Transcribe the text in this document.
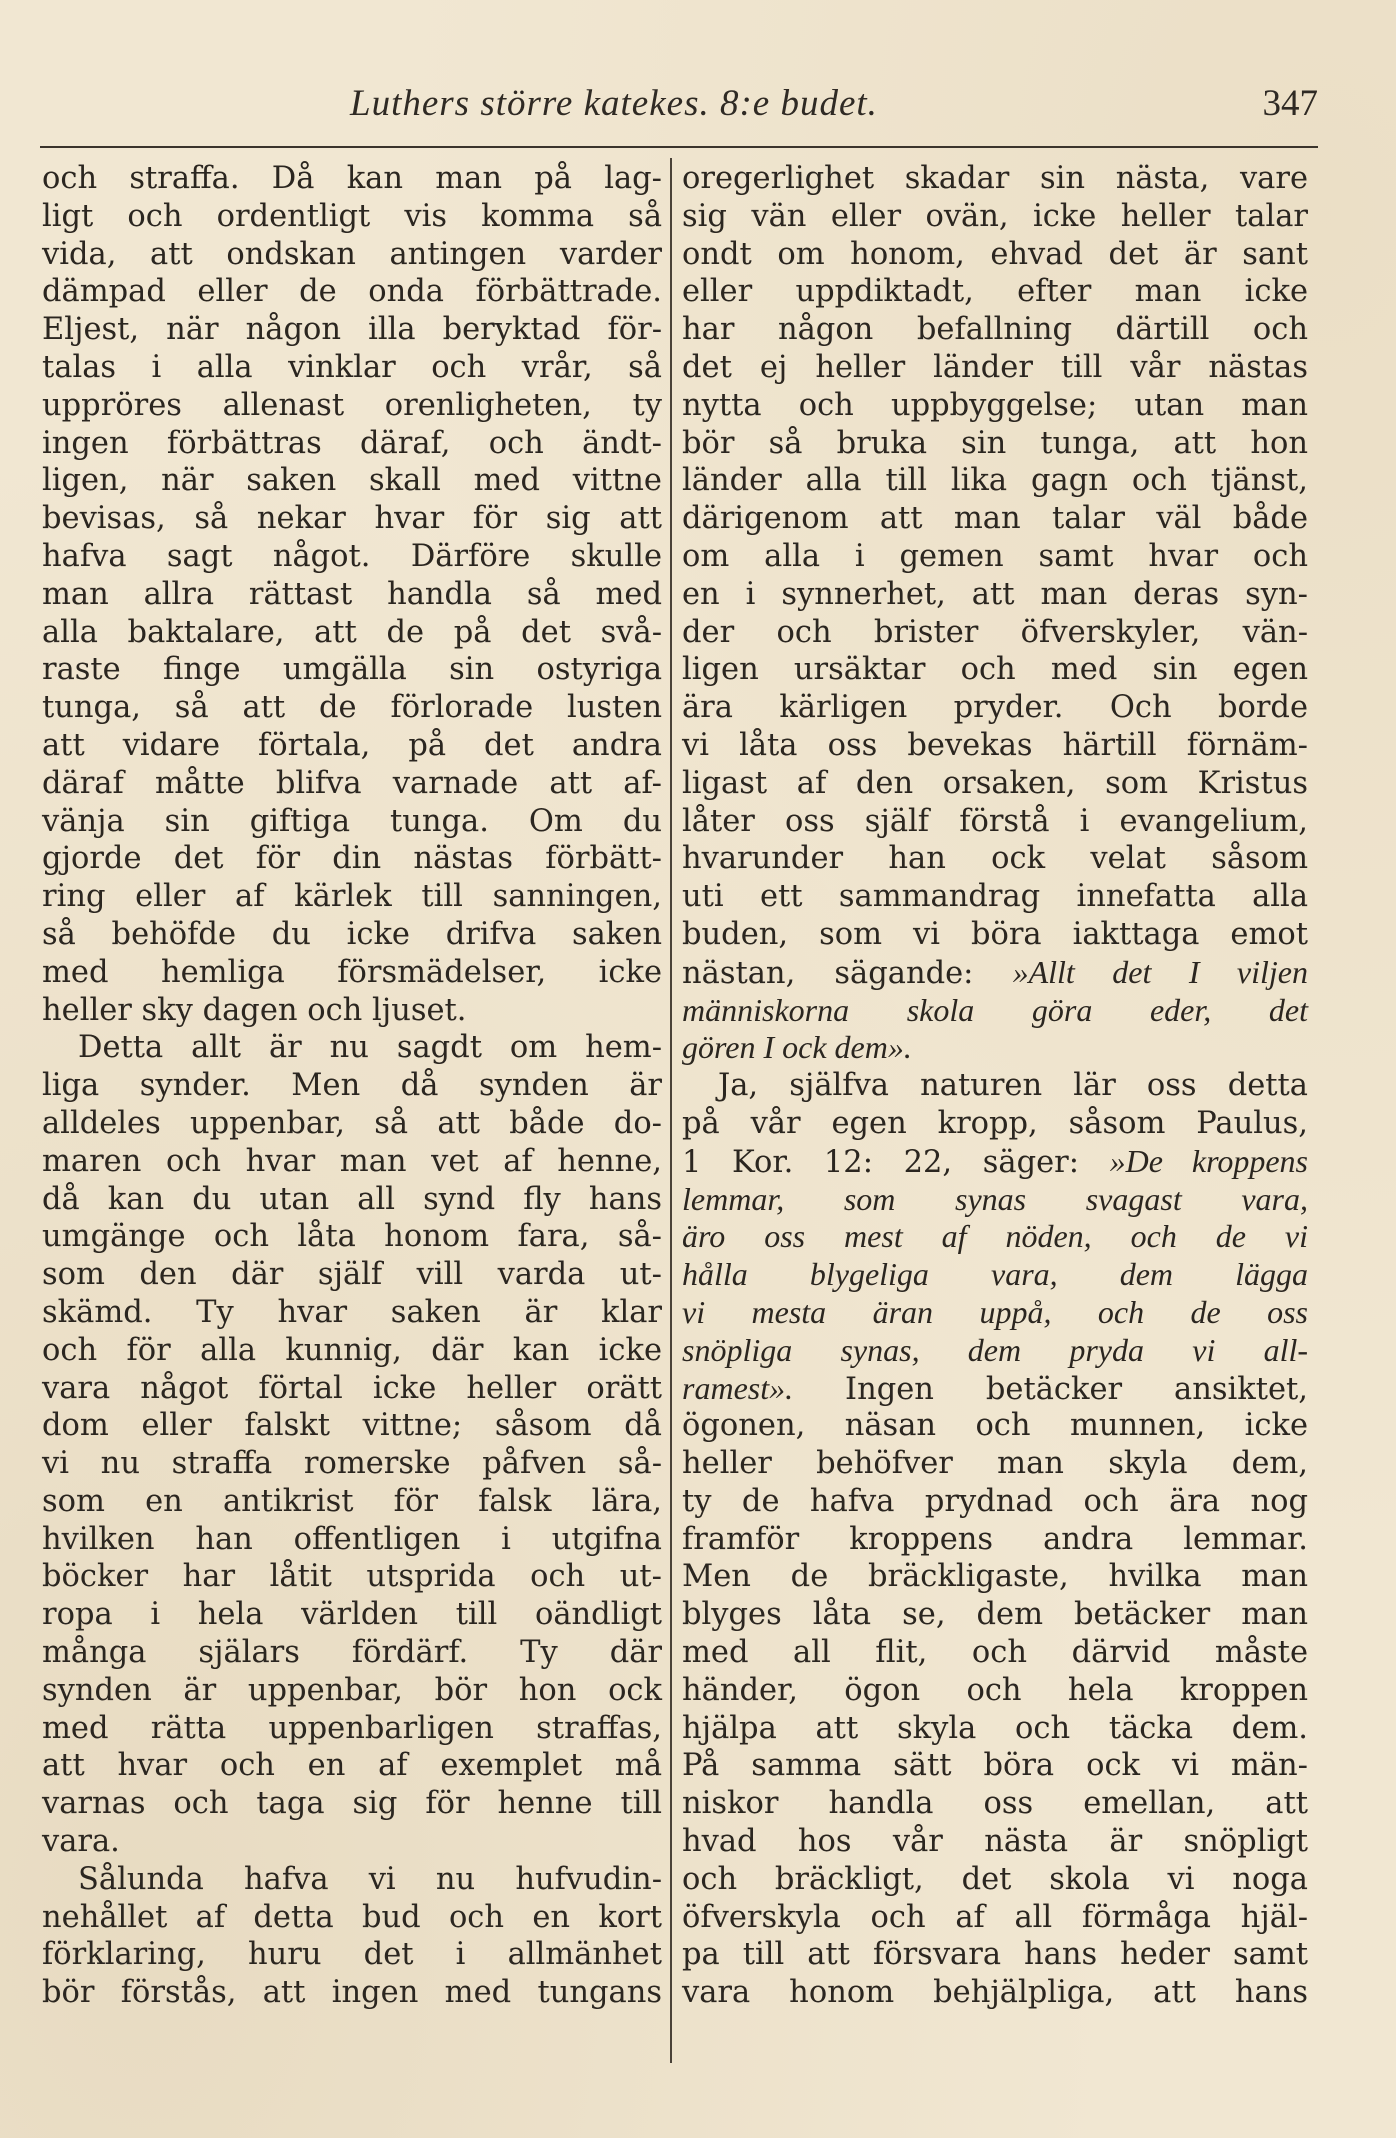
Luthers större katekes. 8:e budet.	347
och straffa. Då kan man på lag-
ligt och ordentligt vis komma så
vida, att ondskan antingen varder
dämpad eller de onda förbättrade.
Eljest, när någon illa beryktad för-
talas i alla vinklar och vrår, så
uppröres allenast orenligheten, ty
ingen förbättras däraf, och ändt-
ligen, när saken skall med vittne
bevisas, så nekar hvar för sig att
hafva sagt något. Därföre skulle
man allra rättast handla så med
alla baktalare, att de på det svå-
raste finge umgälla sin ostyriga
tunga, så att de förlorade lusten
att vidare förtala, på det andra
däraf måtte blifva varnade att af-
vänja sin giftiga tunga. Om du
gjorde det för din nästas förbätt-
ring eller af kärlek till sanningen,
så behöfde du icke drifva saken
med hemliga försmädelser, icke
heller sky dagen och ljuset.
Detta allt är nu sagdt om hem-
liga synder. Men då synden är
alldeles uppenbar, så att både do-
maren och hvar man vet af henne,
då kan du utan all synd fly hans
umgänge och låta honom fara, så-
som den där själf vill varda ut-
skämd. Ty hvar saken är klar
och för alla kunnig, där kan icke
vara något förtal icke heller orätt
dom eller falskt vittne; såsom då
vi nu straffa romerske påfven så-
som en antikrist för falsk lära,
hvilken han offentligen i utgifna
böcker har låtit utsprida och ut-
ropa i hela världen till oändligt
många själars fördärf. Ty där
synden är uppenbar, bör hon ock
med rätta uppenbarligen straffas,
att hvar och en af exemplet må
varnas och taga sig för henne till
vara.
Sålunda hafva vi nu hufvudin-
nehållet af detta bud och en kort
förklaring, huru det i allmänhet
bör förstås, att ingen med tungans
oregerlighet skadar sin nästa, vare
sig vän eller ovän, icke heller talar
ondt om honom, ehvad det är sant
eller uppdiktadt, efter man icke
har någon befallning därtill och
det ej heller länder till vår nästas
nytta och uppbyggelse; utan man
bör så bruka sin tunga, att hon
länder alla till lika gagn och tjänst,
därigenom att man talar väl både
om alla i gemen samt hvar och
en i synnerhet, att man deras syn-
der och brister öfverskyler, vän-
ligen ursäktar och med sin egen
ära kärligen pryder. Och borde
vi låta oss bevekas härtill förnäm-
ligast af den orsaken, som Kristus
låter oss själf förstå i evangelium,
hvarunder han ock velat såsom
uti ett sammandrag innefatta alla
buden, som vi böra iakttaga emot
nästan, sägande: »Allt det I viljen
människorna skola göra eder, det
gören I ock dem».
Ja, själfva naturen lär oss detta
på vår egen kropp, såsom Paulus,
1 Kor. 12: 22, säger: »De kroppens
lemmar, som synas svagast vara,
äro oss mest af nöden, och de vi
hålla blygeliga vara, dem lägga
vi mesta äran uppå, och de oss
snöpliga synas, dem pryda vi all-
ramest». Ingen betäcker ansiktet,
ögonen, näsan och munnen, icke
heller behöfver man skyla dem,
ty de hafva prydnad och ära nog
framför kroppens andra lemmar.
Men de bräckligaste, hvilka man
blyges låta se, dem betäcker man
med all flit, och därvid måste
händer, ögon och hela kroppen
hjälpa att skyla och täcka dem.
På samma sätt böra ock vi män-
niskor handla oss emellan, att
hvad hos vår nästa är snöpligt
och bräckligt, det skola vi noga
öfverskyla och af all förmåga hjäl-
pa till att försvara hans heder samt
vara honom behjälpliga, att hans
